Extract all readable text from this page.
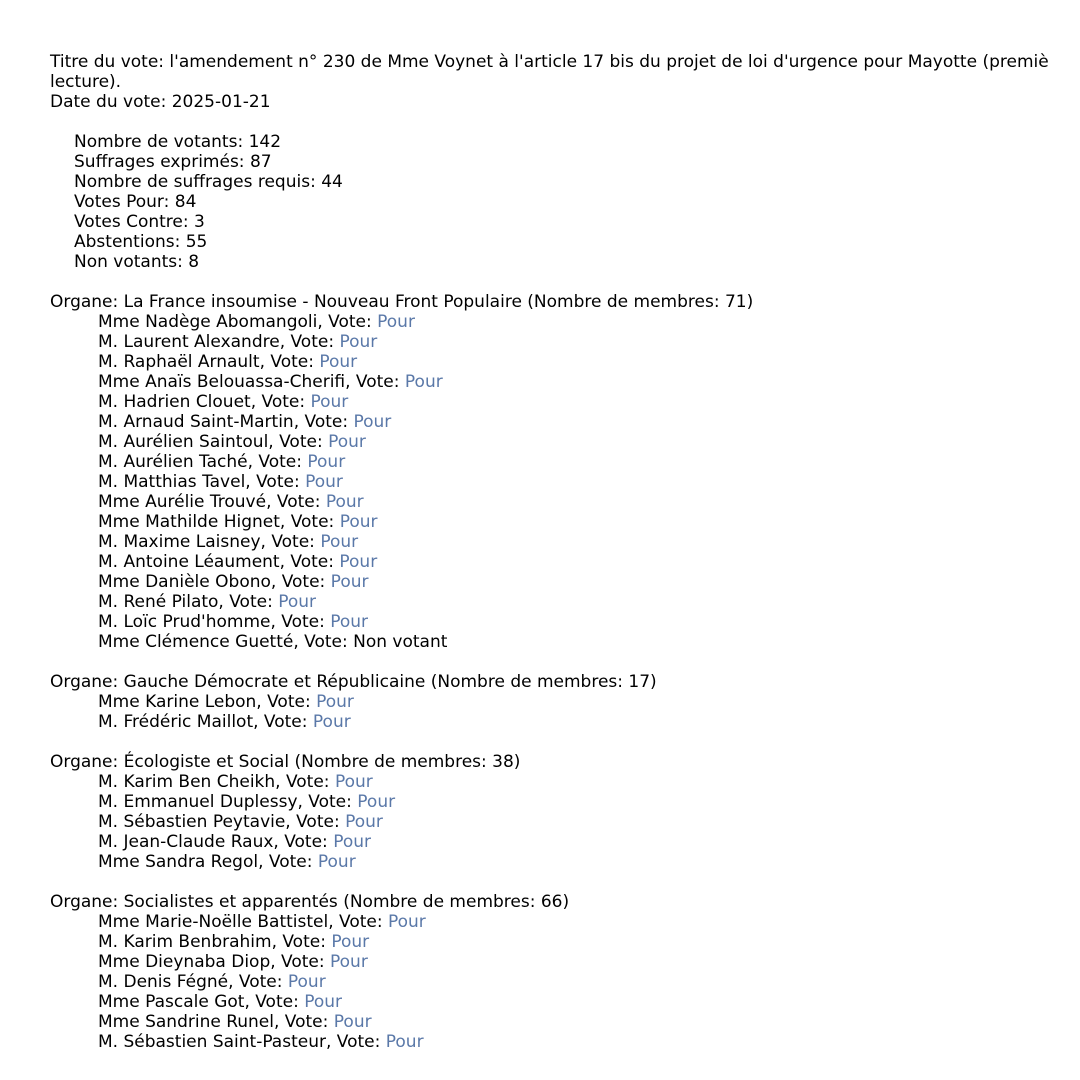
Titre du vote: l'amendement n° 230 de Mme Voynet à l'article 17 bis du projet de loi d'urgence pour Mayotte (premiè
lecture).
Date du vote: 2025-01-21
Nombre de votants: 142
Suffrages exprimés: 87
Nombre de suffrages requis: 44
Votes Pour: 84
Votes Contre: 3
Abstentions: 55
Non votants: 8
Organe: La France insoumise - Nouveau Front Populaire (Nombre de membres: 71)
Mme Nadège Abomangoli, Vote: Pour
M. Laurent Alexandre, Vote: Pour
M. Raphaël Arnault, Vote: Pour
Mme Anaïs Belouassa-Cherifi, Vote: Pour
M. Hadrien Clouet, Vote: Pour
M. Arnaud Saint-Martin, Vote: Pour
M. Aurélien Saintoul, Vote: Pour
M. Aurélien Taché, Vote: Pour
M. Matthias Tavel, Vote: Pour
Mme Aurélie Trouvé, Vote: Pour
Mme Mathilde Hignet, Vote: Pour
M. Maxime Laisney, Vote: Pour
M. Antoine Léaument, Vote: Pour
Mme Danièle Obono, Vote: Pour
M. René Pilato, Vote: Pour
M. Loïc Prud'homme, Vote: Pour
Mme Clémence Guetté, Vote: Non votant
Organe: Gauche Démocrate et Républicaine (Nombre de membres: 17)
Mme Karine Lebon, Vote: Pour
M. Frédéric Maillot, Vote: Pour
Organe: Écologiste et Social (Nombre de membres: 38)
M. Karim Ben Cheikh, Vote: Pour
M. Emmanuel Duplessy, Vote: Pour
M. Sébastien Peytavie, Vote: Pour
M. Jean-Claude Raux, Vote: Pour
Mme Sandra Regol, Vote: Pour
Organe: Socialistes et apparentés (Nombre de membres: 66)
Mme Marie-Noëlle Battistel, Vote: Pour
M. Karim Benbrahim, Vote: Pour
Mme Dieynaba Diop, Vote: Pour
M. Denis Fégné, Vote: Pour
Mme Pascale Got, Vote: Pour
Mme Sandrine Runel, Vote: Pour
M. Sébastien Saint-Pasteur, Vote: Pour
